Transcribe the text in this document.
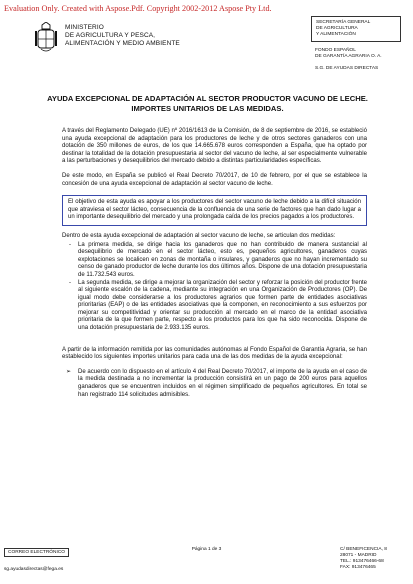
Evaluation Only. Created with Aspose.Pdf. Copyright 2002-2012 Aspose Pty Ltd.
MINISTERIO
DE AGRICULTURA Y PESCA,
ALIMENTACIÓN Y MEDIO AMBIENTE
SECRETARÍA GENERAL
DE AGRICULTURA
Y ALIMENTACIÓN
FONDO ESPAÑOL
DE GARANTÍA AGRARIA O. A.
S.G. DE AYUDAS DIRECTAS
AYUDA EXCEPCIONAL DE ADAPTACIÓN AL SECTOR PRODUCTOR VACUNO DE LECHE. IMPORTES UNITARIOS DE LAS MEDIDAS.

A través del Reglamento Delegado (UE) nº 2016/1613 de la Comisión, de 8 de septiembre de 2016, se estableció una ayuda excepcional de adaptación para los productores de leche y de otros sectores ganaderos con una dotación de 350 millones de euros, de los que 14.665.678 euros corresponden a España, que ha optado por destinar la totalidad de la dotación presupuestaria al sector del vacuno de leche, al ser especialmente vulnerable a las perturbaciones y desequilibrios del mercado debido a distintas particularidades específicas.

De este modo, en España se publicó el Real Decreto 70/2017, de 10 de febrero, por el que se establece la concesión de una ayuda excepcional de adaptación al sector vacuno de leche.

El objetivo de esta ayuda es apoyar a los productores del sector vacuno de leche debido a la difícil situación que atraviesa el sector lácteo, consecuencia de la confluencia de una serie de factores que han dado lugar a un importante desequilibrio del mercado y una prolongada caída de los precios pagados a los productores.

Dentro de esta ayuda excepcional de adaptación al sector vacuno de leche, se articulan dos medidas:

- La primera medida, se dirige hacia los ganaderos que no han contribuido de manera sustancial al desequilibrio de mercado en el sector lácteo, esto es, pequeños agricultores, ganaderos cuyas explotaciones se localicen en zonas de montaña o insulares, y ganaderos que no hayan incrementado su censo de ganado productor de leche durante los dos últimos años. Dispone de una dotación presupuestaria de 11.732.543 euros.
- La segunda medida, se dirige a mejorar la organización del sector y reforzar la posición del productor frente al siguiente escalón de la cadena, mediante su integración en una Organización de Productores (OP). De igual modo debe considerarse a los productores agrarios que formen parte de entidades asociativas prioritarias (EAP) o de las entidades asociativas que la componen, en reconocimiento a sus esfuerzos por mejorar su competitividad y orientar su producción al mercado en el marco de la entidad asociativa prioritaria de la que formen parte, respecto a los productos para los que ha sido reconocida. Dispone de una dotación presupuestaria de 2.933.135 euros.

A partir de la información remitida por las comunidades autónomas al Fondo Español de Garantía Agraria, se han establecido los siguientes importes unitarios para cada una de las dos medidas de la ayuda excepcional:

➢ De acuerdo con lo dispuesto en el artículo 4 del Real Decreto 70/2017, el importe de la ayuda en el caso de la medida destinada a no incrementar la producción consistirá en un pago de 200 euros para aquellos ganaderos que se encuentren incluidos en el régimen simplificado de pequeños agricultores. En total se han registrado 114 solicitudes admisibles.
CORREO ELECTRÓNICO
sg.ayudasdirectas@fega.es
Página 1 de 3	C/ BENEFICENCIA, 8
28071 - MADRID
TEL.: 913476466-68
FAX: 913476465
